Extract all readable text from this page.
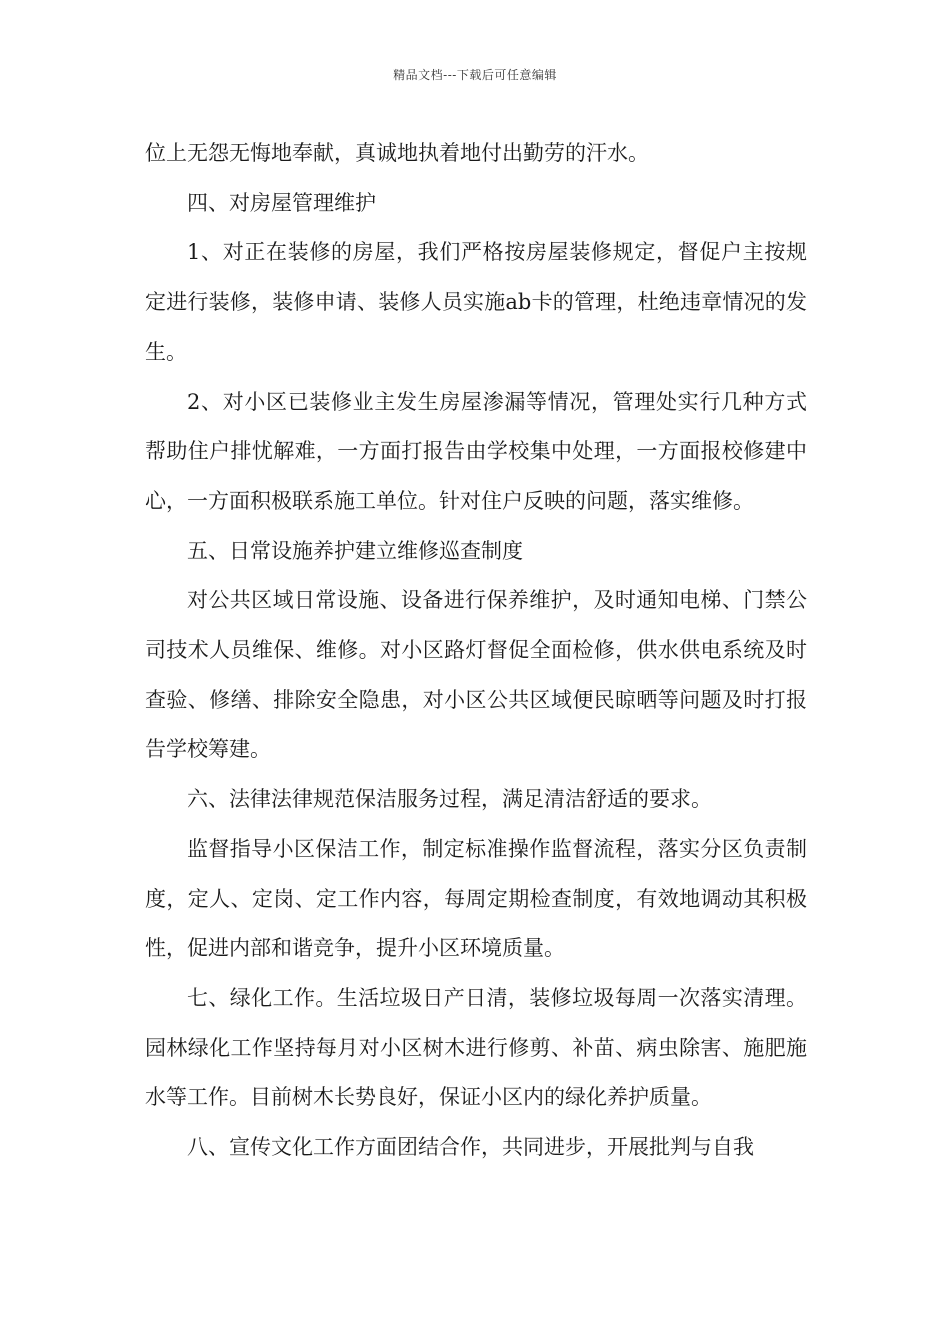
精品文档---下载后可任意编辑

位上无怨无悔地奉献，真诚地执着地付出勤劳的汗水。

四、对房屋管理维护

1、对正在装修的房屋，我们严格按房屋装修规定，督促户主按规定进行装修，装修申请、装修人员实施ab卡的管理，杜绝违章情况的发生。

2、对小区已装修业主发生房屋渗漏等情况，管理处实行几种方式帮助住户排忧解难，一方面打报告由学校集中处理，一方面报校修建中心，一方面积极联系施工单位。针对住户反映的问题，落实维修。

五、日常设施养护建立维修巡查制度

对公共区域日常设施、设备进行保养维护，及时通知电梯、门禁公司技术人员维保、维修。对小区路灯督促全面检修，供水供电系统及时查验、修缮、排除安全隐患，对小区公共区域便民晾晒等问题及时打报告学校筹建。

六、法律法律规范保洁服务过程，满足清洁舒适的要求。

监督指导小区保洁工作，制定标准操作监督流程，落实分区负责制度，定人、定岗、定工作内容，每周定期检查制度，有效地调动其积极性，促进内部和谐竞争，提升小区环境质量。

七、绿化工作。生活垃圾日产日清，装修垃圾每周一次落实清理。园林绿化工作坚持每月对小区树木进行修剪、补苗、病虫除害、施肥施水等工作。目前树木长势良好，保证小区内的绿化养护质量。

八、宣传文化工作方面团结合作，共同进步，开展批判与自我
